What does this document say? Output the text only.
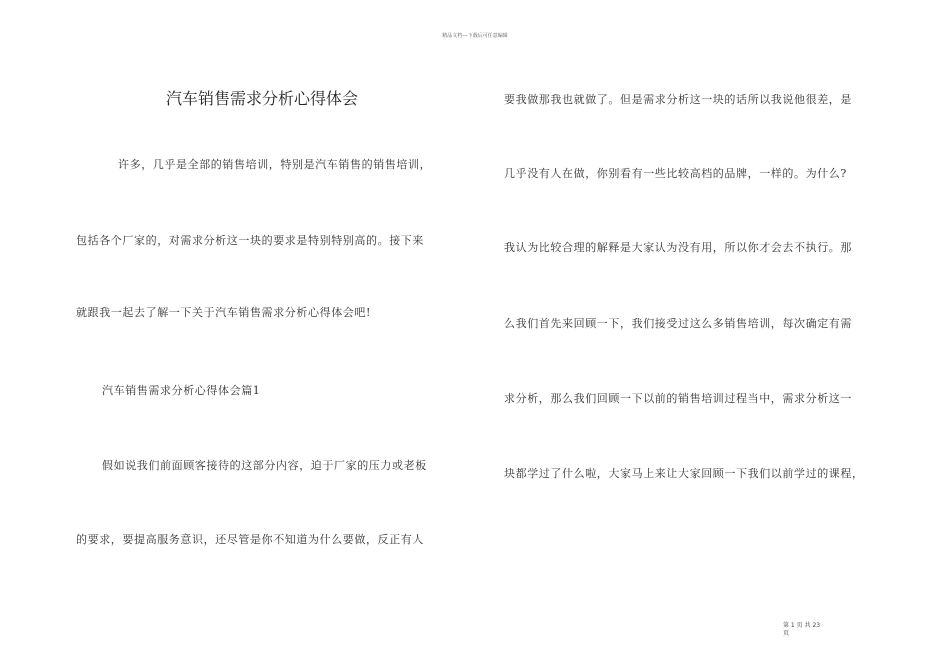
精品文档---下载后可任意编辑
汽车销售需求分析心得体会
许多，几乎是全部的销售培训，特别是汽车销售的销售培训，
包括各个厂家的，对需求分析这一块的要求是特别特别高的。接下来
就跟我一起去了解一下关于汽车销售需求分析心得体会吧!
汽车销售需求分析心得体会篇1
假如说我们前面顾客接待的这部分内容，迫于厂家的压力或老板
的要求，要提高服务意识，还尽管是你不知道为什么要做，反正有人
要我做那我也就做了。但是需求分析这一块的话所以我说他很差，是
几乎没有人在做，你别看有一些比较高档的品牌，一样的。为什么?
我认为比较合理的解释是大家认为没有用，所以你才会去不执行。那
么我们首先来回顾一下，我们接受过这么多销售培训，每次确定有需
求分析，那么我们回顾一下以前的销售培训过程当中，需求分析这一
块都学过了什么啦，大家马上来让大家回顾一下我们以前学过的课程，
第 1 页 共 23
页
